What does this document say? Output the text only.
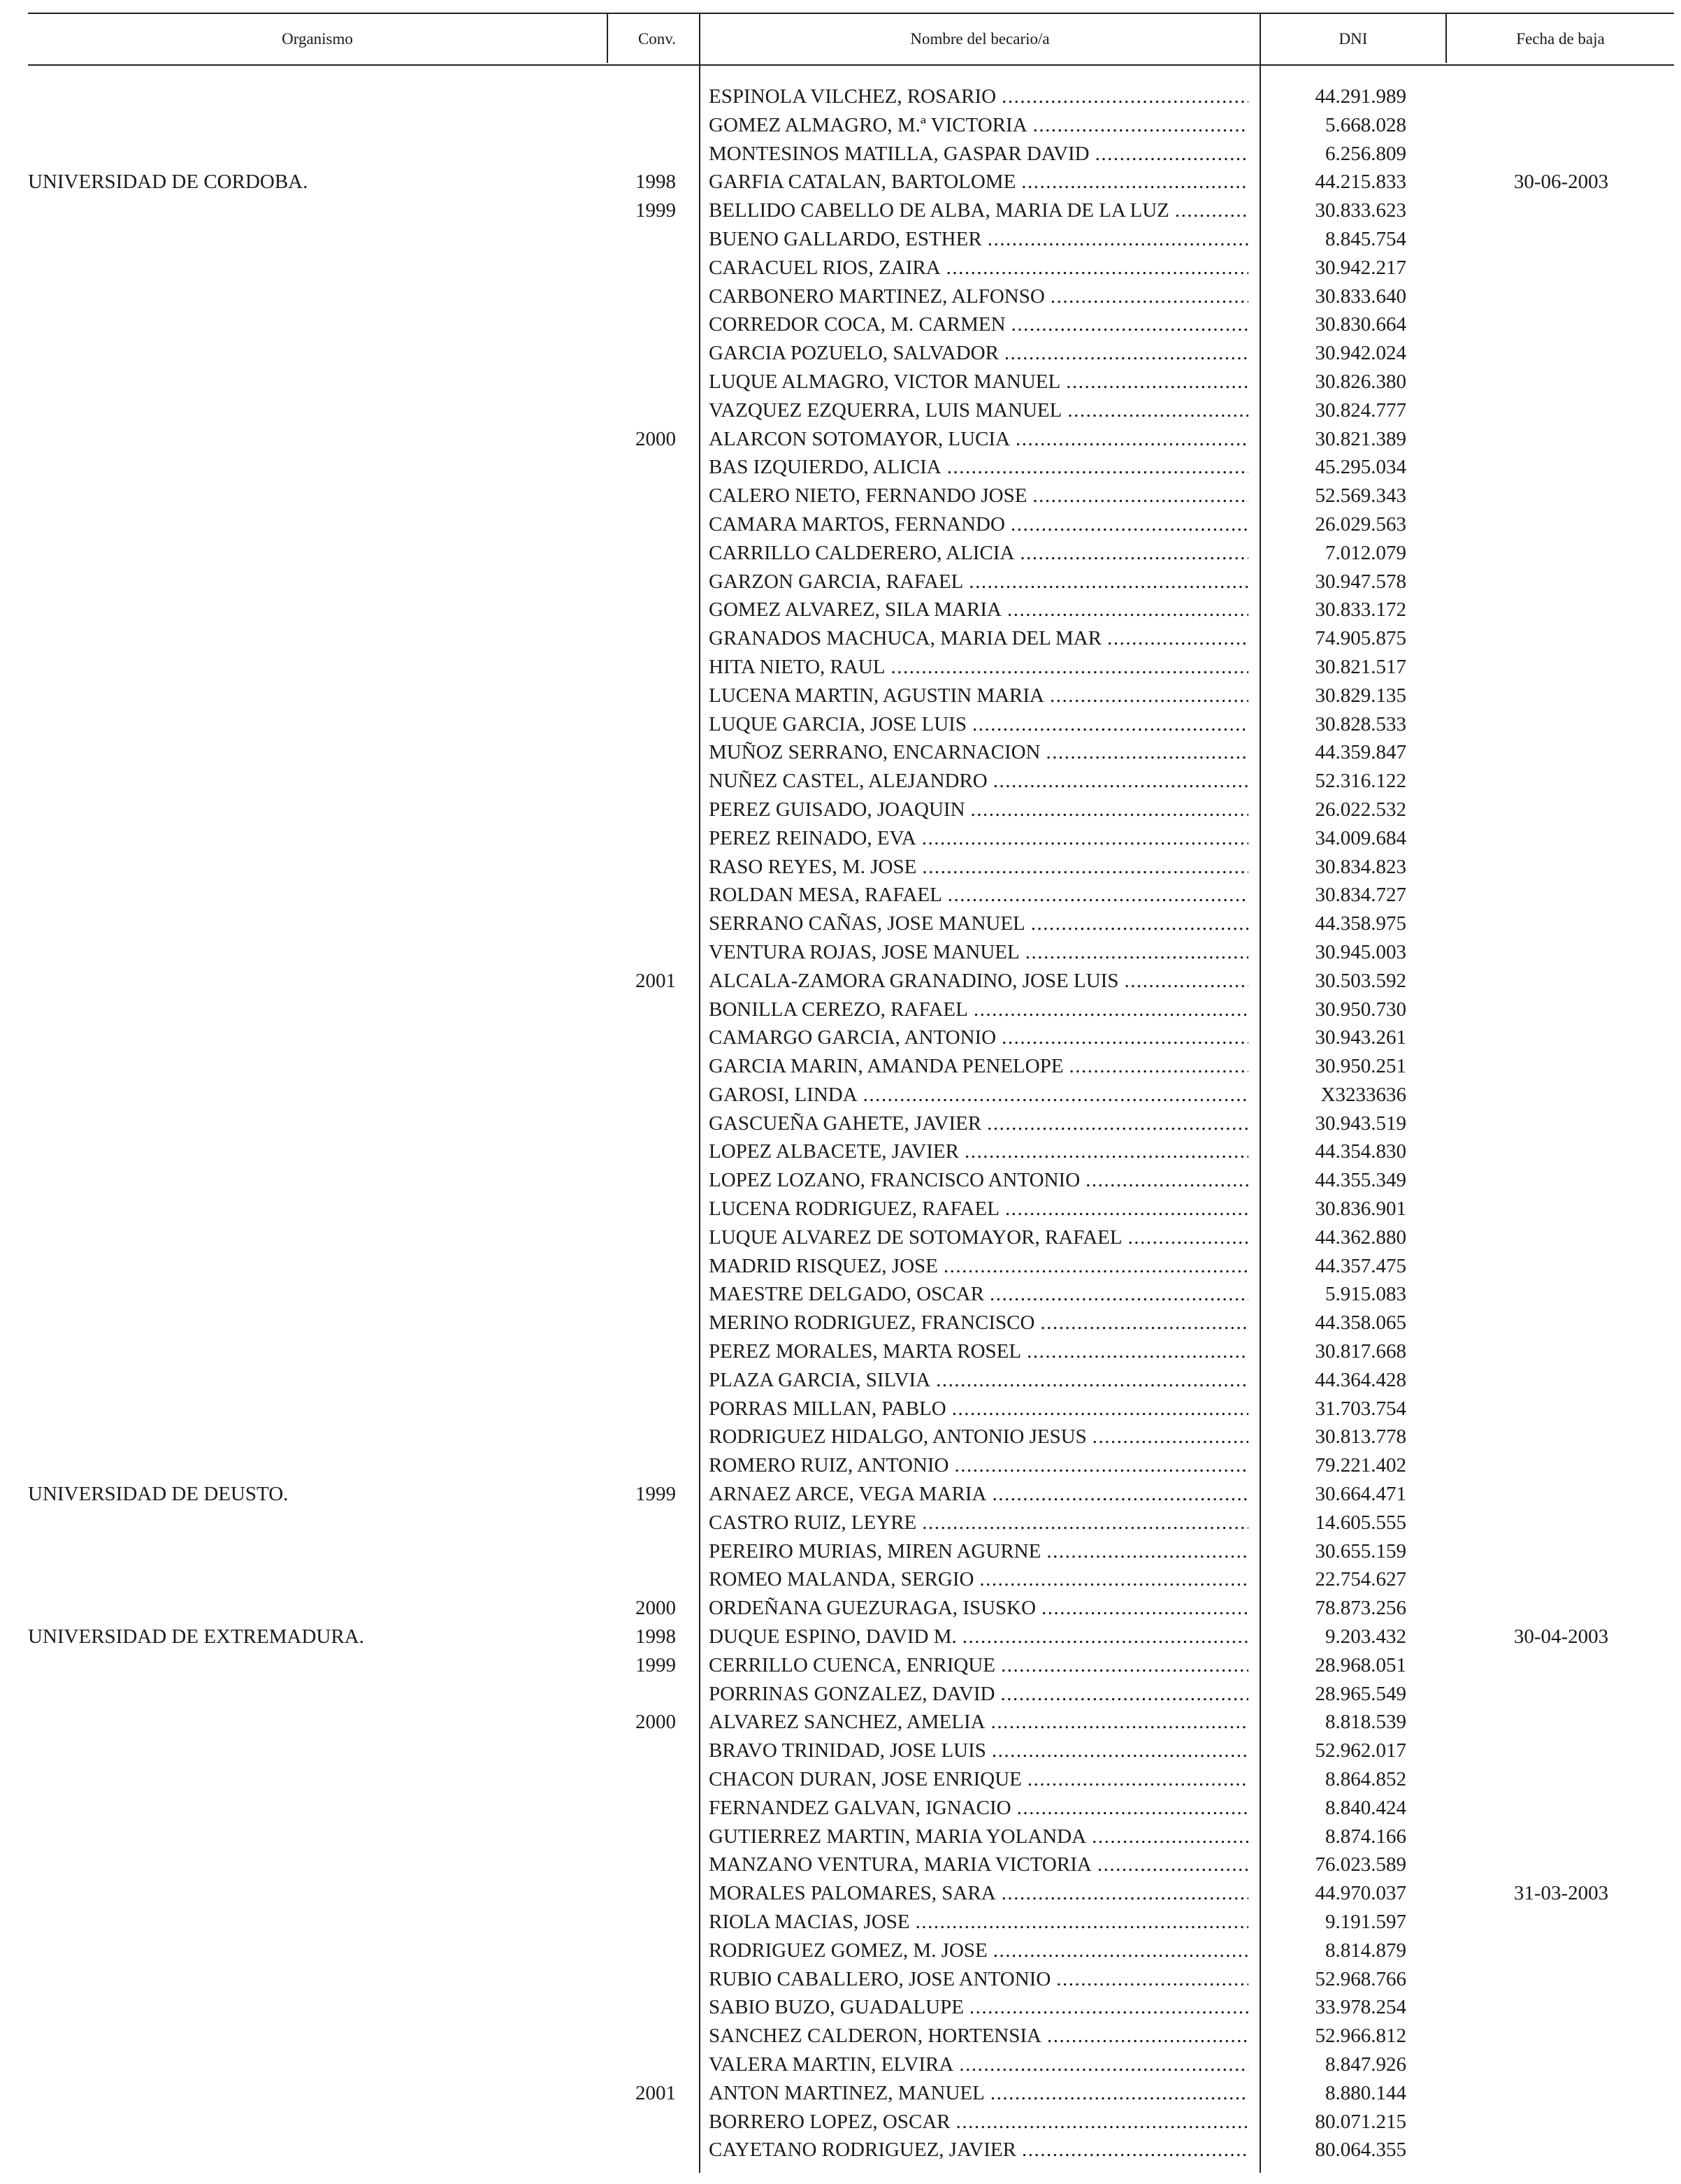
Organismo	Conv.	Nombre del becario/a	DNI	Fecha de baja
ESPINOLA VILCHEZ, ROSARIO .....	44.291.989
GOMEZ ALMAGRO, M.ª VICTORIA .....	5.668.028
MONTESINOS MATILLA, GASPAR DAVID .....	6.256.809
UNIVERSIDAD DE CORDOBA.	1998	GARFIA CATALAN, BARTOLOME .....	44.215.833	30-06-2003
1999	BELLIDO CABELLO DE ALBA, MARIA DE LA LUZ .....	30.833.623
BUENO GALLARDO, ESTHER .....	8.845.754
CARACUEL RIOS, ZAIRA .....	30.942.217
CARBONERO MARTINEZ, ALFONSO .....	30.833.640
CORREDOR COCA, M. CARMEN .....	30.830.664
GARCIA POZUELO, SALVADOR .....	30.942.024
LUQUE ALMAGRO, VICTOR MANUEL .....	30.826.380
VAZQUEZ EZQUERRA, LUIS MANUEL .....	30.824.777
2000	ALARCON SOTOMAYOR, LUCIA .....	30.821.389
BAS IZQUIERDO, ALICIA .....	45.295.034
CALERO NIETO, FERNANDO JOSE .....	52.569.343
CAMARA MARTOS, FERNANDO .....	26.029.563
CARRILLO CALDERERO, ALICIA .....	7.012.079
GARZON GARCIA, RAFAEL .....	30.947.578
GOMEZ ALVAREZ, SILA MARIA .....	30.833.172
GRANADOS MACHUCA, MARIA DEL MAR .....	74.905.875
HITA NIETO, RAUL .....	30.821.517
LUCENA MARTIN, AGUSTIN MARIA .....	30.829.135
LUQUE GARCIA, JOSE LUIS .....	30.828.533
MUÑOZ SERRANO, ENCARNACION .....	44.359.847
NUÑEZ CASTEL, ALEJANDRO .....	52.316.122
PEREZ GUISADO, JOAQUIN .....	26.022.532
PEREZ REINADO, EVA .....	34.009.684
RASO REYES, M. JOSE .....	30.834.823
ROLDAN MESA, RAFAEL .....	30.834.727
SERRANO CAÑAS, JOSE MANUEL .....	44.358.975
VENTURA ROJAS, JOSE MANUEL .....	30.945.003
2001	ALCALA-ZAMORA GRANADINO, JOSE LUIS .....	30.503.592
BONILLA CEREZO, RAFAEL .....	30.950.730
CAMARGO GARCIA, ANTONIO .....	30.943.261
GARCIA MARIN, AMANDA PENELOPE .....	30.950.251
GAROSI, LINDA .....	X3233636
GASCUEÑA GAHETE, JAVIER .....	30.943.519
LOPEZ ALBACETE, JAVIER .....	44.354.830
LOPEZ LOZANO, FRANCISCO ANTONIO .....	44.355.349
LUCENA RODRIGUEZ, RAFAEL .....	30.836.901
LUQUE ALVAREZ DE SOTOMAYOR, RAFAEL .....	44.362.880
MADRID RISQUEZ, JOSE .....	44.357.475
MAESTRE DELGADO, OSCAR .....	5.915.083
MERINO RODRIGUEZ, FRANCISCO .....	44.358.065
PEREZ MORALES, MARTA ROSEL .....	30.817.668
PLAZA GARCIA, SILVIA .....	44.364.428
PORRAS MILLAN, PABLO .....	31.703.754
RODRIGUEZ HIDALGO, ANTONIO JESUS .....	30.813.778
ROMERO RUIZ, ANTONIO .....	79.221.402
UNIVERSIDAD DE DEUSTO.	1999	ARNAEZ ARCE, VEGA MARIA .....	30.664.471
CASTRO RUIZ, LEYRE .....	14.605.555
PEREIRO MURIAS, MIREN AGURNE .....	30.655.159
ROMEO MALANDA, SERGIO .....	22.754.627
2000	ORDEÑANA GUEZURAGA, ISUSKO .....	78.873.256
UNIVERSIDAD DE EXTREMADURA.	1998	DUQUE ESPINO, DAVID M. .....	9.203.432	30-04-2003
1999	CERRILLO CUENCA, ENRIQUE .....	28.968.051
PORRINAS GONZALEZ, DAVID .....	28.965.549
2000	ALVAREZ SANCHEZ, AMELIA .....	8.818.539
BRAVO TRINIDAD, JOSE LUIS .....	52.962.017
CHACON DURAN, JOSE ENRIQUE .....	8.864.852
FERNANDEZ GALVAN, IGNACIO .....	8.840.424
GUTIERREZ MARTIN, MARIA YOLANDA .....	8.874.166
MANZANO VENTURA, MARIA VICTORIA .....	76.023.589
MORALES PALOMARES, SARA .....	44.970.037	31-03-2003
RIOLA MACIAS, JOSE .....	9.191.597
RODRIGUEZ GOMEZ, M. JOSE .....	8.814.879
RUBIO CABALLERO, JOSE ANTONIO .....	52.968.766
SABIO BUZO, GUADALUPE .....	33.978.254
SANCHEZ CALDERON, HORTENSIA .....	52.966.812
VALERA MARTIN, ELVIRA .....	8.847.926
2001	ANTON MARTINEZ, MANUEL .....	8.880.144
BORRERO LOPEZ, OSCAR .....	80.071.215
CAYETANO RODRIGUEZ, JAVIER .....	80.064.355
